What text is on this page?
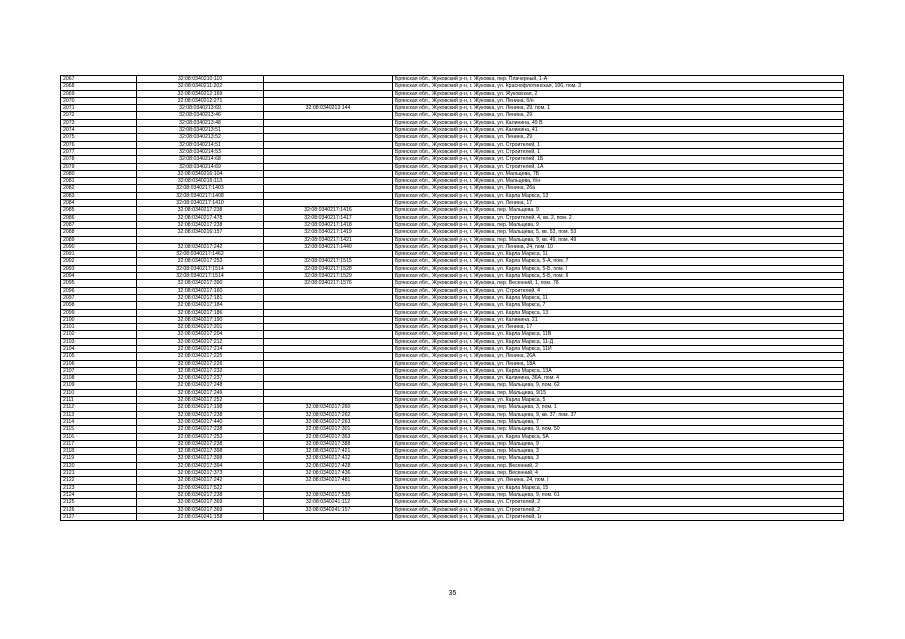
2067	32:08:0340210:110		Брянская обл., Жуковский р-н, г. Жуковка, пер. Плачерный, 1-А
2068	32:08:0340211:202		Брянская обл., Жуковский р-н, г. Жуковка, ул. Краснофлотинская, 106, пом. 3
2069	32:08:0340212:169		Брянская обл., Жуковский р-н, г. Жуковка, ул. Жуковская, 2
2070	32:08:0340212:271		Брянская обл., Жуковский р-н, г. Жуковка, ул. Ленина, б/н
2071	32:08:0340213:69	32:08:0340213:144	Брянская обл., Жуковский р-н, г. Жуковка, ул. Ленина, 29, пом. 1
2072	32:08:0340213:46		Брянская обл., Жуковский р-н, г. Жуковка, ул. Ленина, 29
2073	32:08:0340213:48		Брянская обл., Жуковский р-н, г. Жуковка, ул. Калинина, 49 В
2074	32:08:0340213:51		Брянская обл., Жуковский р-н, г. Жуковка, ул. Калинина, 41
2075	32:08:0340213:52		Брянская обл., Жуковский р-н, г. Жуковка, ул. Ленина, 29
2076	32:08:0340214:51		Брянская обл., Жуковский р-н, г. Жуковка, ул. Строителей, 1
2077	32:08:0340214:53		Брянская обл., Жуковский р-н, г. Жуковка, ул. Строителей, 1
2078	32:08:0340214:68		Брянская обл., Жуковский р-н, г. Жуковка, ул. Строителей, 1Б
2079	32:08:0340214:69		Брянская обл., Жуковский р-н, г. Жуковка, ул. Строителей, 1А
2080	32:08:0340216:104		Брянская обл., Жуковский р-н, г. Жуковка, ул. Мальцева, 7Б
2081	32:08:0340216:113		Брянская обл., Жуковский р-н, г. Жуковка, ул. Мальцева, б/н
2082	32:08:0340217:1403		Брянская обл., Жуковский р-н, г. Жуковка, ул. Ленина, 26а
2083	32:08:0340217:1408		Брянская обл., Жуковский р-н, г. Жуковка, ул. Карла Маркса, 13
2084	32:08:0340217:1410		Брянская обл., Жуковский р-н, г. Жуковка, ул. Ленина, 17
2085	32:08:0340217:238	32:08:0340217:1416	Брянская обл., Жуковский р-н, г. Жуковка, пер. Мальцева, 9
2086	32:08:0340217:478	32:08:0340217:1417	Брянская обл., Жуковский р-н, г. Жуковка, ул. Строителей, 4, кв. 2, пом. 2
2087	32:08:0340217:238	32:08:0340217:1418	Брянская обл., Жуковский р-н, г. Жуковка, пер. Мальцева, 9
2088	32:08:0340216:157	32:08:0340217:1419	Брянская обл., Жуковский р-н, г. Жуковка, пер. Мальцева, 5, кв. 53, пом. 53
2089		32:08:0340217:1421	Брянская обл., Жуковский р-н, г. Жуковка, пер. Мальцева, 9, кв. 49, пом. 49
2090	32:08:0340217:242	32:08:0340217:1440	Брянская обл., Жуковский р-н, г. Жуковка, ул. Ленина, 24, пом. 10
2091	32:08:0340217:1462		Брянская обл., Жуковский р-н, г. Жуковка, ул. Карла Маркса, 11
2092	32:08:0340217:253	32:08:0340217:1515	Брянская обл., Жуковский р-н, г. Жуковка, ул. Карла Маркса, 5-А, пом. 7
2093	32:08:0340217:1514	32:08:0340217:1528	Брянская обл., Жуковский р-н, г. Жуковка, ул. Карла Маркса, 5-Б, пом. I
2094	32:08:0340217:1514	32:08:0340217:1529	Брянская обл., Жуковский р-н, г. Жуковка, ул. Карла Маркса, 5-Б, пом. II
2095	32:08:0340217:390	32:08:0340217:1576	Брянская обл., Жуковский р-н, г. Жуковка, пер. Весенний, 1, пом. 78
2096	32:08:0340217:160		Брянская обл., Жуковский р-н, г. Жуковка, ул. Строителей, 4
2097	32:08:0340217:181		Брянская обл., Жуковский р-н, г. Жуковка, ул. Карла Маркса, 11
2098	32:08:0340217:184		Брянская обл., Жуковский р-н, г. Жуковка, ул. Карла Маркса, 7
2099	32:08:0340217:186		Брянская обл., Жуковский р-н, г. Жуковка, ул. Карла Маркса, 13
2100	32:08:0340217:190		Брянская обл., Жуковский р-н, г. Жуковка, ул. Калинина, 21
2101	32:08:0340217:201		Брянская обл., Жуковский р-н, г. Жуковка, ул. Ленина, 17
2102	32:08:0340217:204		Брянская обл., Жуковский р-н, г. Жуковка, ул. Карла Маркса, 11В
2103	32:08:0340217:212		Брянская обл., Жуковский р-н, г. Жуковка, ул. Карла Маркса, 11-Д
2104	32:08:0340217:214		Брянская обл., Жуковский р-н, г. Жуковка, ул. Карла Маркса, 11И
2105	32:08:0340217:225		Брянская обл., Жуковский р-н, г. Жуковка, ул. Ленина, 26А
2106	32:08:0340217:226		Брянская обл., Жуковский р-н, г. Жуковка, ул. Ленина, 18А
2107	32:08:0340217:232		Брянская обл., Жуковский р-н, г. Жуковка, ул. Карла Маркса, 13А
2108	32:08:0340217:237		Брянская обл., Жуковский р-н, г. Жуковка, ул. Калинина, 36А, пом. 4
2109	32:08:0340217:248		Брянская обл., Жуковский р-н, г. Жуковка, пер. Мальцева, 9, пом. 62
2110	32:08:0340217:249		Брянская обл., Жуковский р-н, г. Жуковка, пер. Мальцева, 9/15
2111	32:08:0340217:252		Брянская обл., Жуковский р-н, г. Жуковка, ул. Карла Маркса, 5
2112	32:08:0340217:198	32:08:0340217:260	Брянская обл., Жуковский р-н, г. Жуковка, пер. Мальцева, 3, пом. 1
2113	32:08:0340217:238	32:08:0340217:262	Брянская обл., Жуковский р-н, г. Жуковка, пер. Мальцева, 9, кв. 37, пом. 37
2114	32:08:0340217:440	32:08:0340217:263	Брянская обл., Жуковский р-н, г. Жуковка, пер. Мальцева, 7
2115	32:08:0340217:238	32:08:0340217:301	Брянская обл., Жуковский р-н, г. Жуковка, пер. Мальцева, 9, пом. 50
2116	32:08:0340217:253	32:08:0340217:363	Брянская обл., Жуковский р-н, г. Жуковка, ул. Карла Маркса, 5А
2117	32:08:0340217:238	32:08:0340217:388	Брянская обл., Жуковский р-н, г. Жуковка, пер. Мальцева, 9
2118	32:08:0340217:398	32:08:0340217:421	Брянская обл., Жуковский р-н, г. Жуковка, пер. Мальцева, 3
2119	32:08:0340217:398	32:08:0340217:422	Брянская обл., Жуковский р-н, г. Жуковка, пер. Мальцева, 3
2120	32:08:0340217:394	32:08:0340217:428	Брянская обл., Жуковский р-н, г. Жуковка, пер. Весенний, 2
2121	32:08:0340217:373	32:08:0340217:436	Брянская обл., Жуковский р-н, г. Жуковка, пер. Весенний, 4
2122	32:08:0340217:242	32:08:0340217:481	Брянская обл., Жуковский р-н, г. Жуковка, ул. Ленина, 24, пом. I
2123	32:08:0340217:522		Брянская обл., Жуковский р-н, г. Жуковка, ул. Карла Маркса, 15
2124	32:08:0340217:238	32:08:0340217:535	Брянская обл., Жуковский р-н, г. Жуковка, пер. Мальцева, 9, пом. 61
2125	32:08:0340217:369	32:08:0340241:112	Брянская обл., Жуковский р-н, г. Жуковка, ул. Строителей, 2
2126	32:08:0340217:369	32:08:0340241:157	Брянская обл., Жуковский р-н, г. Жуковка, ул. Строителей, 2
2127	32:08:0340241:158		Брянская обл., Жуковский р-н, г. Жуковка, ул. Строителей, 1г
35
